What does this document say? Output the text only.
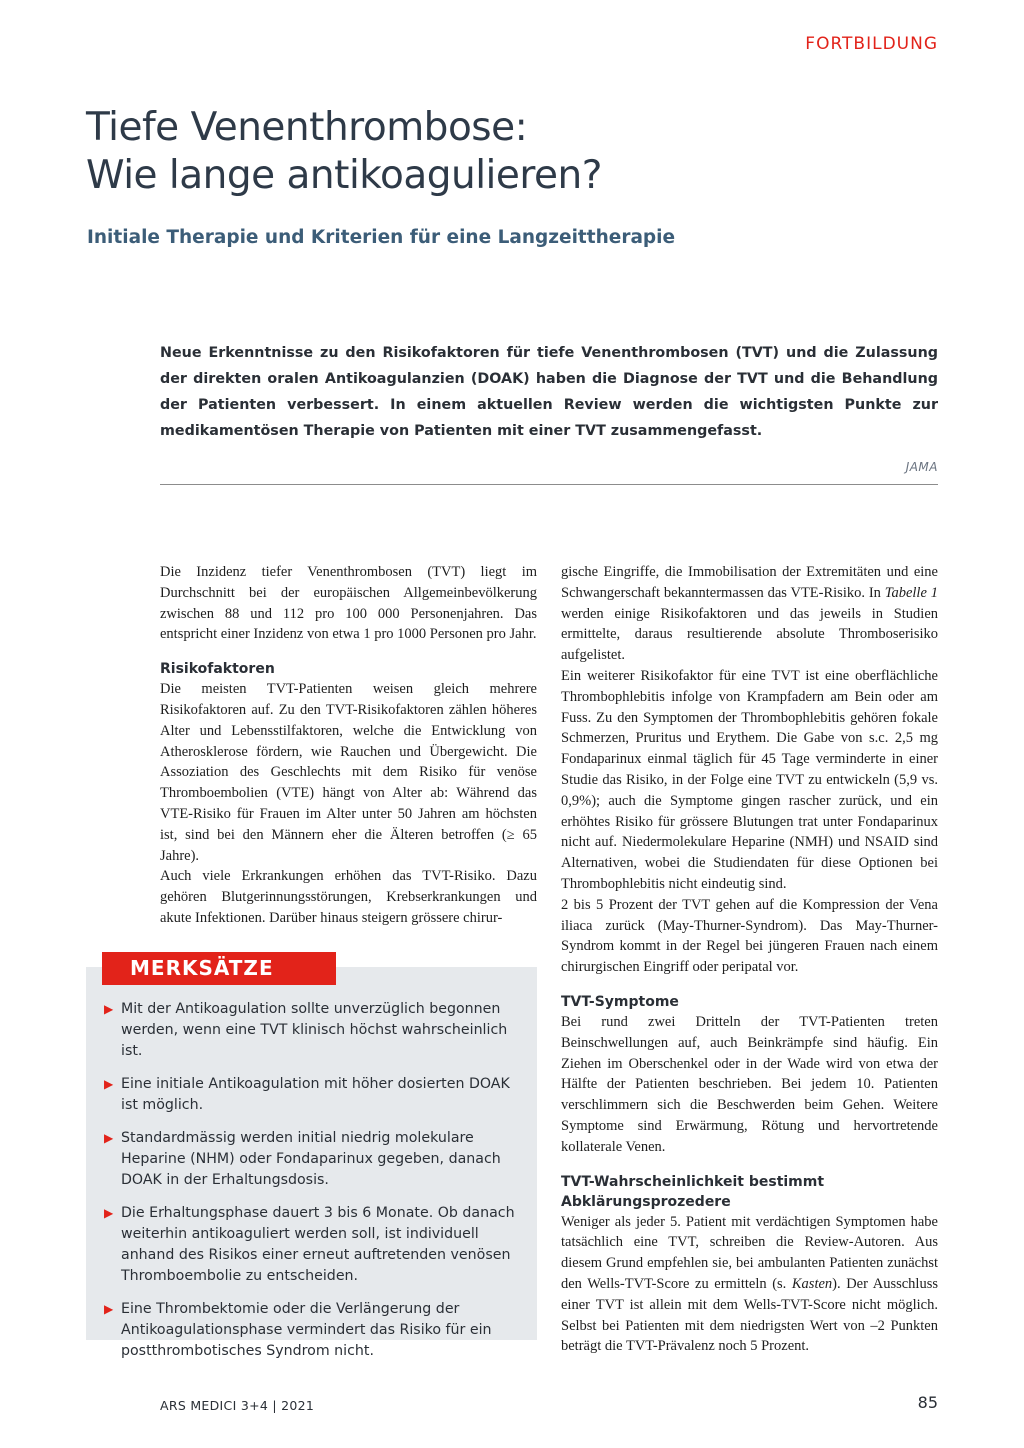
FORTBILDUNG
Tiefe Venenthrombose:
Wie lange antikoagulieren?
Initiale Therapie und Kriterien für eine Langzeittherapie

Neue Erkenntnisse zu den Risikofaktoren für tiefe Venenthrombosen (TVT) und die Zulassung der direkten oralen Antikoagulanzien (DOAK) haben die Diagnose der TVT und die Behandlung der Patienten verbessert. In einem aktuellen Review werden die wichtigsten Punkte zur medikamentösen Therapie von Patienten mit einer TVT zusammengefasst.

JAMA

Die Inzidenz tiefer Venenthrombosen (TVT) liegt im Durchschnitt bei der europäischen Allgemeinbevölkerung zwischen 88 und 112 pro 100 000 Personenjahren. Das entspricht einer Inzidenz von etwa 1 pro 1000 Personen pro Jahr.

Risikofaktoren

Die meisten TVT-Patienten weisen gleich mehrere Risikofaktoren auf. Zu den TVT-Risikofaktoren zählen höheres Alter und Lebensstilfaktoren, welche die Entwicklung von Atherosklerose fördern, wie Rauchen und Übergewicht. Die Assoziation des Geschlechts mit dem Risiko für venöse Thromboembolien (VTE) hängt von Alter ab: Während das VTE-Risiko für Frauen im Alter unter 50 Jahren am höchsten ist, sind bei den Männern eher die Älteren betroffen (≥ 65 Jahre).

Auch viele Erkrankungen erhöhen das TVT-Risiko. Dazu gehören Blutgerinnungsstörungen, Krebserkrankungen und akute Infektionen. Darüber hinaus steigern grössere chirur-

gische Eingriffe, die Immobilisation der Extremitäten und eine Schwangerschaft bekanntermassen das VTE-Risiko. In Tabelle 1 werden einige Risikofaktoren und das jeweils in Studien ermittelte, daraus resultierende absolute Thromboserisiko aufgelistet.

Ein weiterer Risikofaktor für eine TVT ist eine oberflächliche Thrombophlebitis infolge von Krampfadern am Bein oder am Fuss. Zu den Symptomen der Thrombophlebitis gehören fokale Schmerzen, Pruritus und Erythem. Die Gabe von s.c. 2,5 mg Fondaparinux einmal täglich für 45 Tage verminderte in einer Studie das Risiko, in der Folge eine TVT zu entwickeln (5,9 vs. 0,9%); auch die Symptome gingen rascher zurück, und ein erhöhtes Risiko für grössere Blutungen trat unter Fondaparinux nicht auf. Niedermolekulare Heparine (NMH) und NSAID sind Alternativen, wobei die Studiendaten für diese Optionen bei Thrombophlebitis nicht eindeutig sind.

2 bis 5 Prozent der TVT gehen auf die Kompression der Vena iliaca zurück (May-Thurner-Syndrom). Das May-Thurner-Syndrom kommt in der Regel bei jüngeren Frauen nach einem chirurgischen Eingriff oder peripatal vor.

TVT-Symptome

Bei rund zwei Dritteln der TVT-Patienten treten Beinschwellungen auf, auch Beinkrämpfe sind häufig. Ein Ziehen im Oberschenkel oder in der Wade wird von etwa der Hälfte der Patienten beschrieben. Bei jedem 10. Patienten verschlimmern sich die Beschwerden beim Gehen. Weitere Symptome sind Erwärmung, Rötung und hervortretende kollaterale Venen.

TVT-Wahrscheinlichkeit bestimmt
Abklärungsprozedere

Weniger als jeder 5. Patient mit verdächtigen Symptomen habe tatsächlich eine TVT, schreiben die Review-Autoren. Aus diesem Grund empfehlen sie, bei ambulanten Patienten zunächst den Wells-TVT-Score zu ermitteln (s. Kasten). Der Ausschluss einer TVT ist allein mit dem Wells-TVT-Score nicht möglich. Selbst bei Patienten mit dem niedrigsten Wert von –2 Punkten beträgt die TVT-Prävalenz noch 5 Prozent.

MERKSÄTZE
▶ Mit der Antikoagulation sollte unverzüglich begonnen werden, wenn eine TVT klinisch höchst wahrscheinlich ist.
▶ Eine initiale Antikoagulation mit höher dosierten DOAK ist möglich.
▶ Standardmässig werden initial niedrig molekulare Heparine (NHM) oder Fondaparinux gegeben, danach DOAK in der Erhaltungsdosis.
▶ Die Erhaltungsphase dauert 3 bis 6 Monate. Ob danach weiterhin antikoaguliert werden soll, ist individuell anhand des Risikos einer erneut auftretenden venösen Thromboembolie zu entscheiden.
▶ Eine Thrombektomie oder die Verlängerung der Antikoagulationsphase vermindert das Risiko für ein postthrombotisches Syndrom nicht.
ARS MEDICI 3+4 | 2021	85
